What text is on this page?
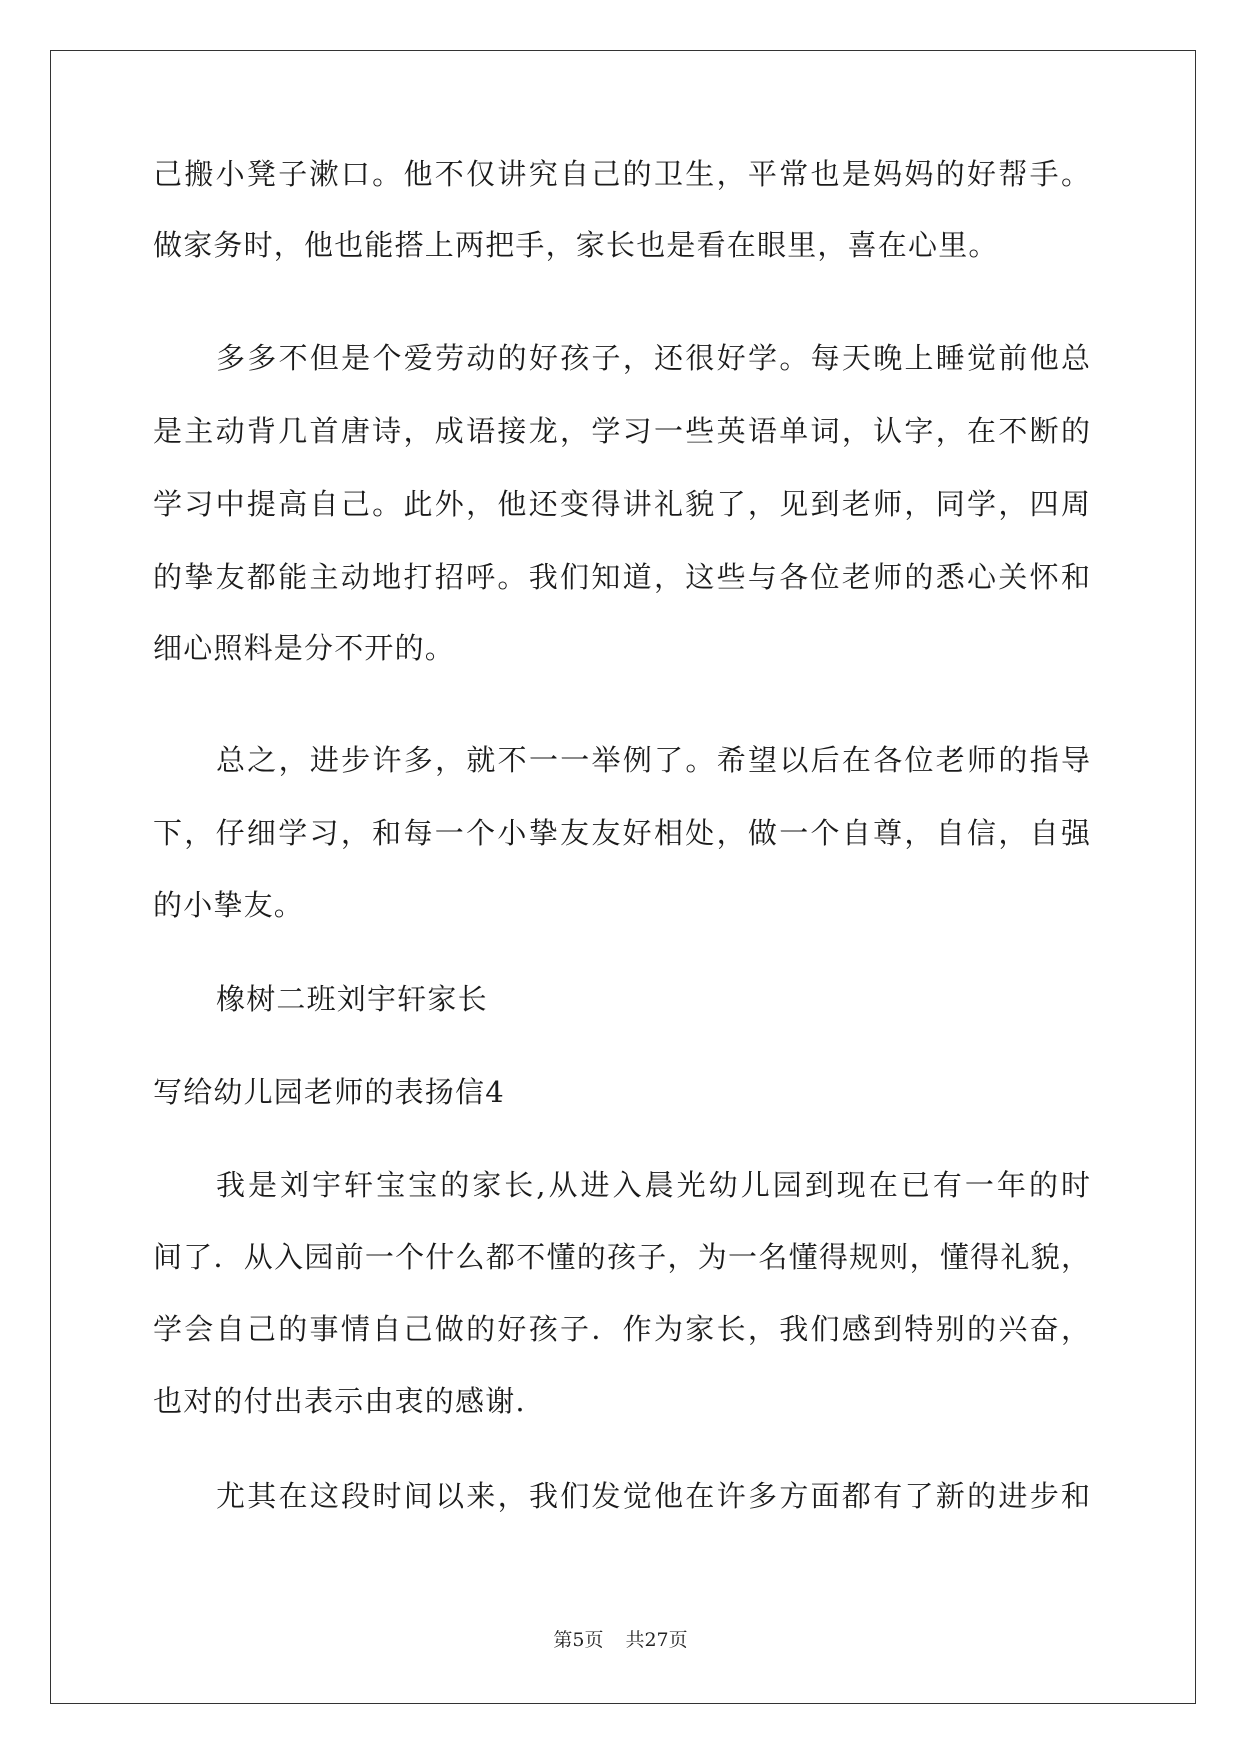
己搬小凳子漱口。他不仅讲究自己的卫生，平常也是妈妈的好帮手。
做家务时，他也能搭上两把手，家长也是看在眼里，喜在心里。
多多不但是个爱劳动的好孩子，还很好学。每天晚上睡觉前他总
是主动背几首唐诗，成语接龙，学习一些英语单词，认字，在不断的
学习中提高自己。此外，他还变得讲礼貌了，见到老师，同学，四周
的挚友都能主动地打招呼。我们知道，这些与各位老师的悉心关怀和
细心照料是分不开的。
总之，进步许多，就不一一举例了。希望以后在各位老师的指导
下，仔细学习，和每一个小挚友友好相处，做一个自尊，自信，自强
的小挚友。
橡树二班刘宇轩家长
写给幼儿园老师的表扬信4
我是刘宇轩宝宝的家长,从进入晨光幼儿园到现在已有一年的时
间了．从入园前一个什么都不懂的孩子，为一名懂得规则，懂得礼貌，
学会自己的事情自己做的好孩子．作为家长，我们感到特别的兴奋，
也对的付出表示由衷的感谢.
尤其在这段时间以来，我们发觉他在许多方面都有了新的进步和
第5页 共27页
